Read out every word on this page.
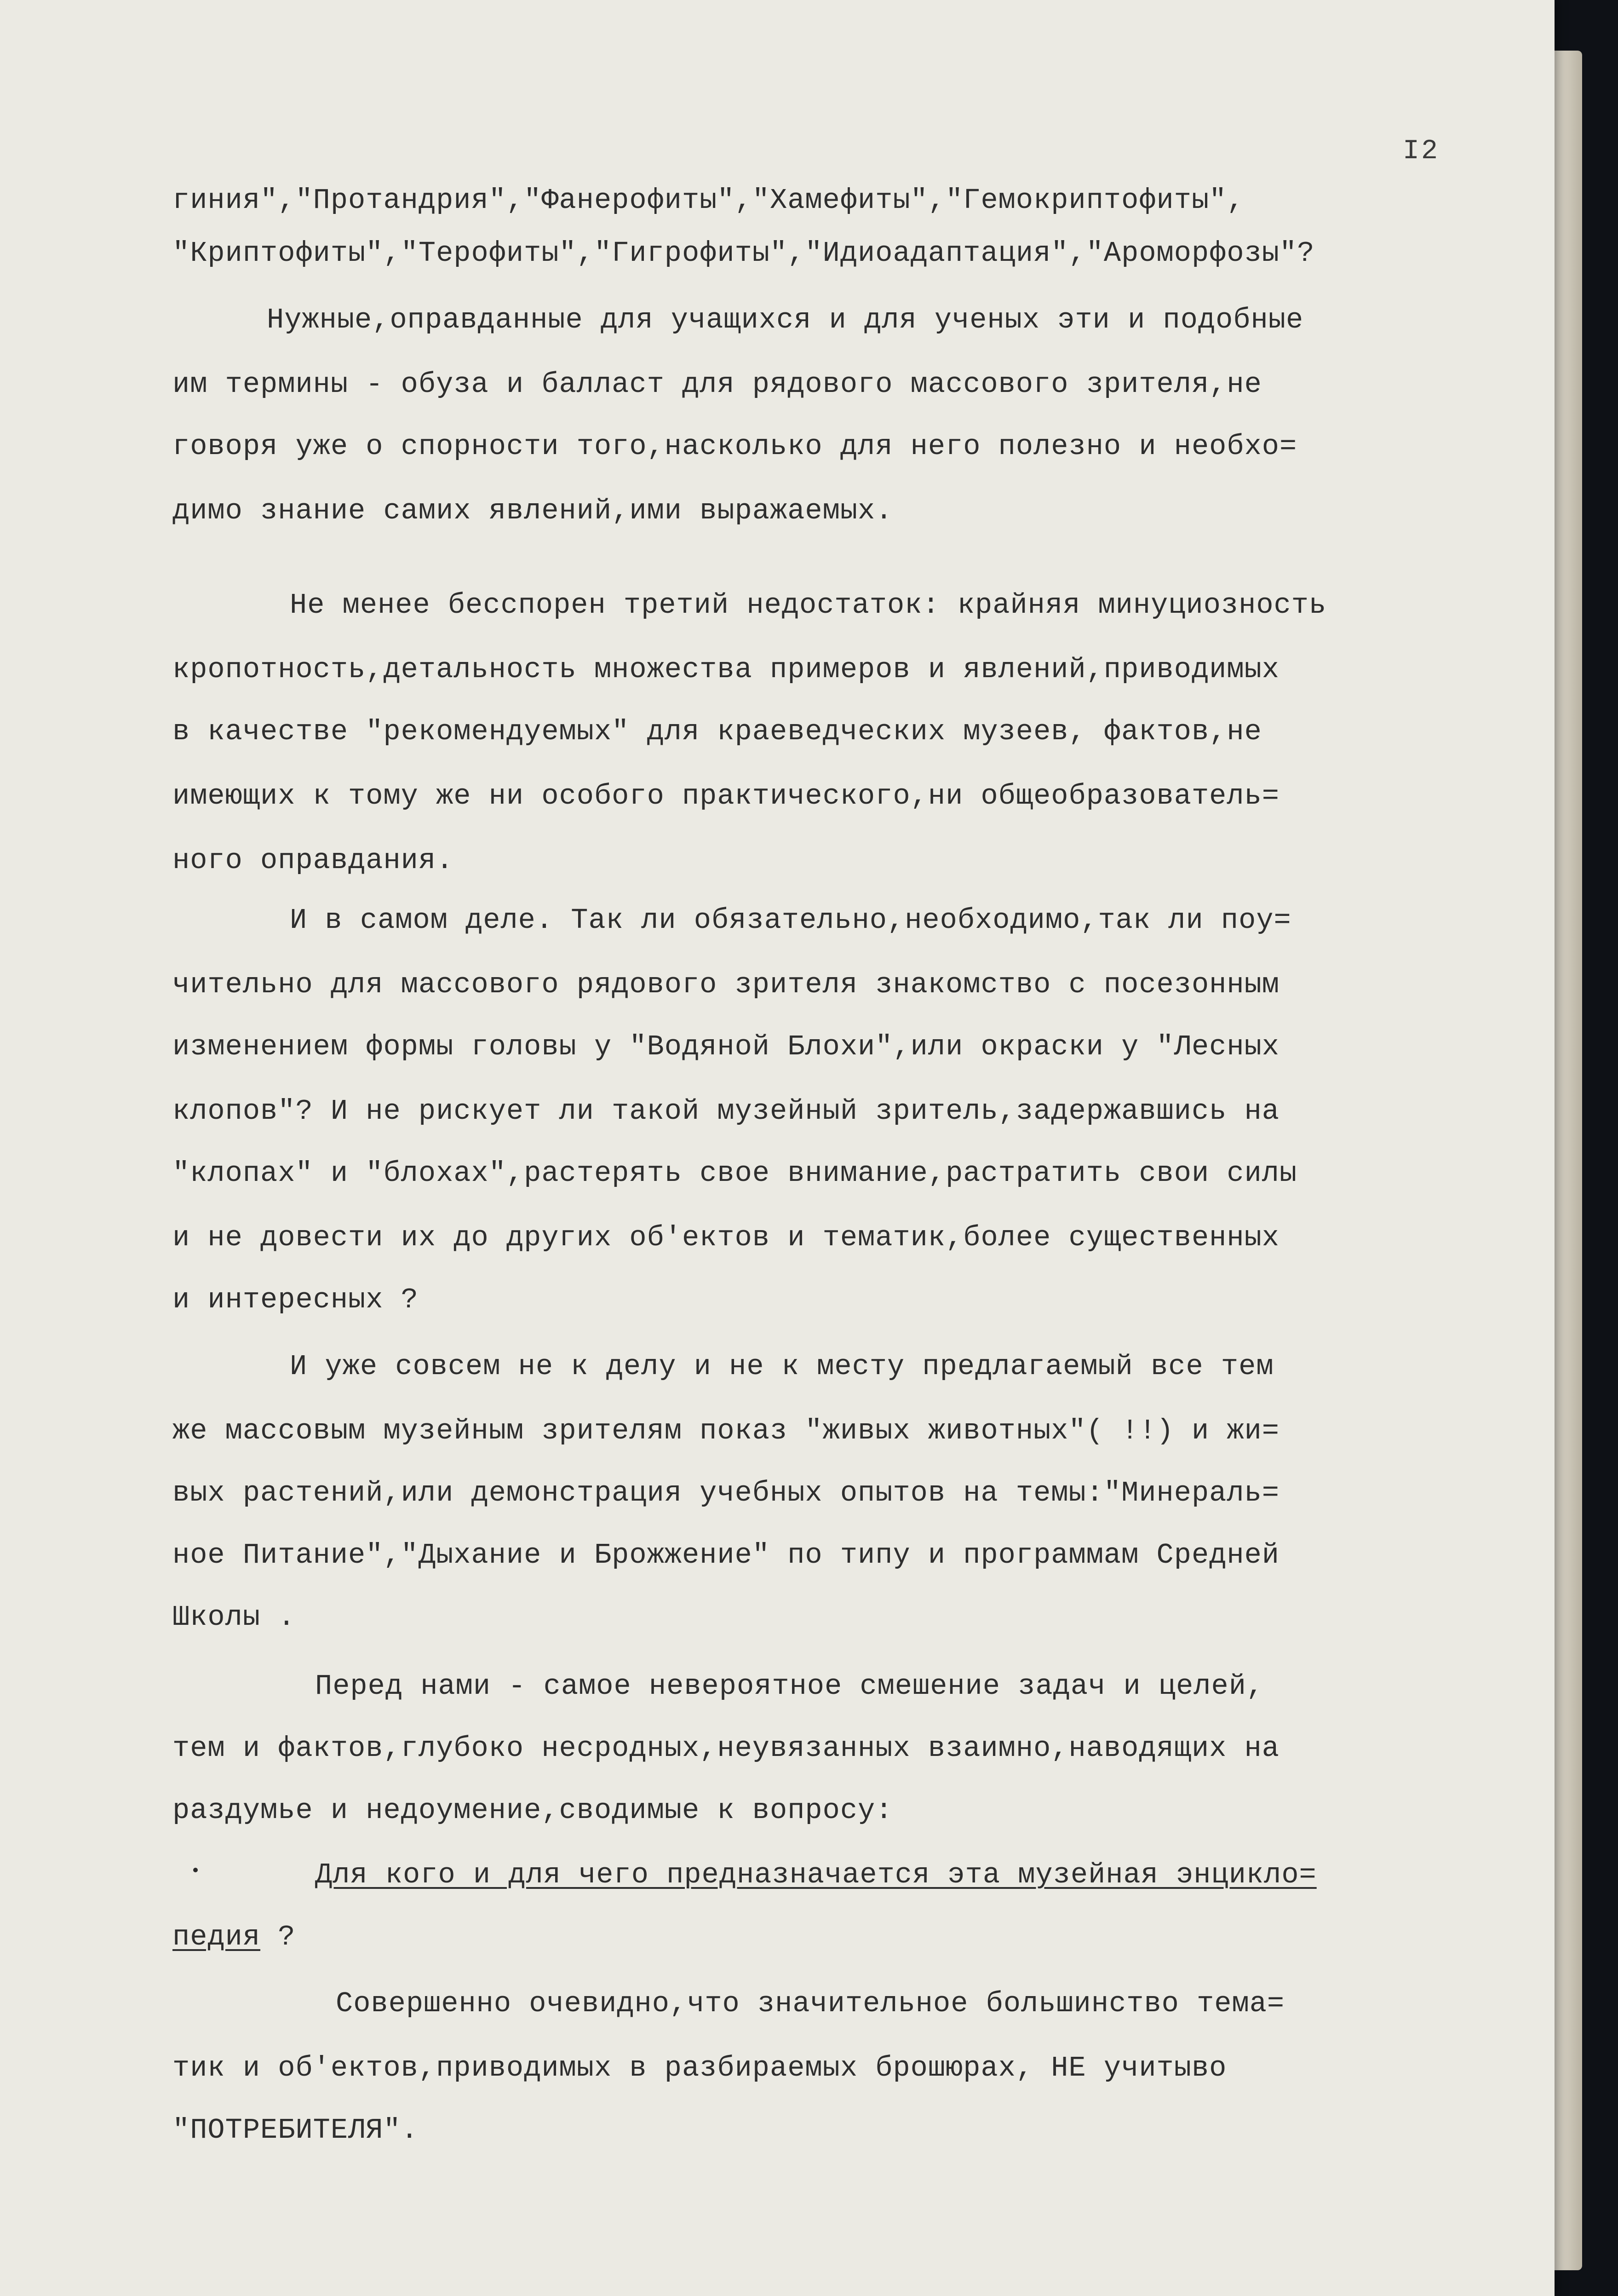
I2
гиния","Протандрия","Фанерофиты","Хамефиты","Гемокриптофиты",
"Криптофиты","Терофиты","Гигрофиты","Идиоадаптация","Ароморфозы"?
Нужные,оправданные для учащихся и для ученых эти и подобные
им термины - обуза и балласт для рядового массового зрителя,не
говоря уже о спорности того,насколько для него полезно и необхо=
димо знание самих явлений,ими выражаемых.
Не менее бесспорен третий недостаток: крайняя минуциозность
кропотность,детальность множества примеров и явлений,приводимых
в качестве "рекомендуемых" для краеведческих музеев, фактов,не
имеющих к тому же ни особого практического,ни общеобразователь=
ного оправдания.
И в самом деле. Так ли обязательно,необходимо,так ли поу=
чительно для массового рядового зрителя знакомство с посезонным
изменением формы головы у "Водяной Блохи",или окраски у "Лесных
клопов"? И не рискует ли такой музейный зритель,задержавшись на
"клопах" и "блохах",растерять свое внимание,растратить свои силы
и не довести их до других об'ектов и тематик,более существенных
и интересных ?
И уже совсем не к делу и не к месту предлагаемый все тем
же массовым музейным зрителям показ "живых животных"( !!) и жи=
вых растений,или демонстрация учебных опытов на темы:"Минераль=
ное Питание","Дыхание и Брожжение" по типу и программам Средней
Школы .
Перед нами - самое невероятное смешение задач и целей,
тем и фактов,глубоко несродных,неувязанных взаимно,наводящих на
раздумье и недоумение,сводимые к вопросу:
Для кого и для чего предназначается эта музейная энцикло=
педия ?
Совершенно очевидно,что значительное большинство тема=
тик и об'ектов,приводимых в разбираемых брошюрах, НЕ учитыво
"ПОТРЕБИТЕЛЯ".
